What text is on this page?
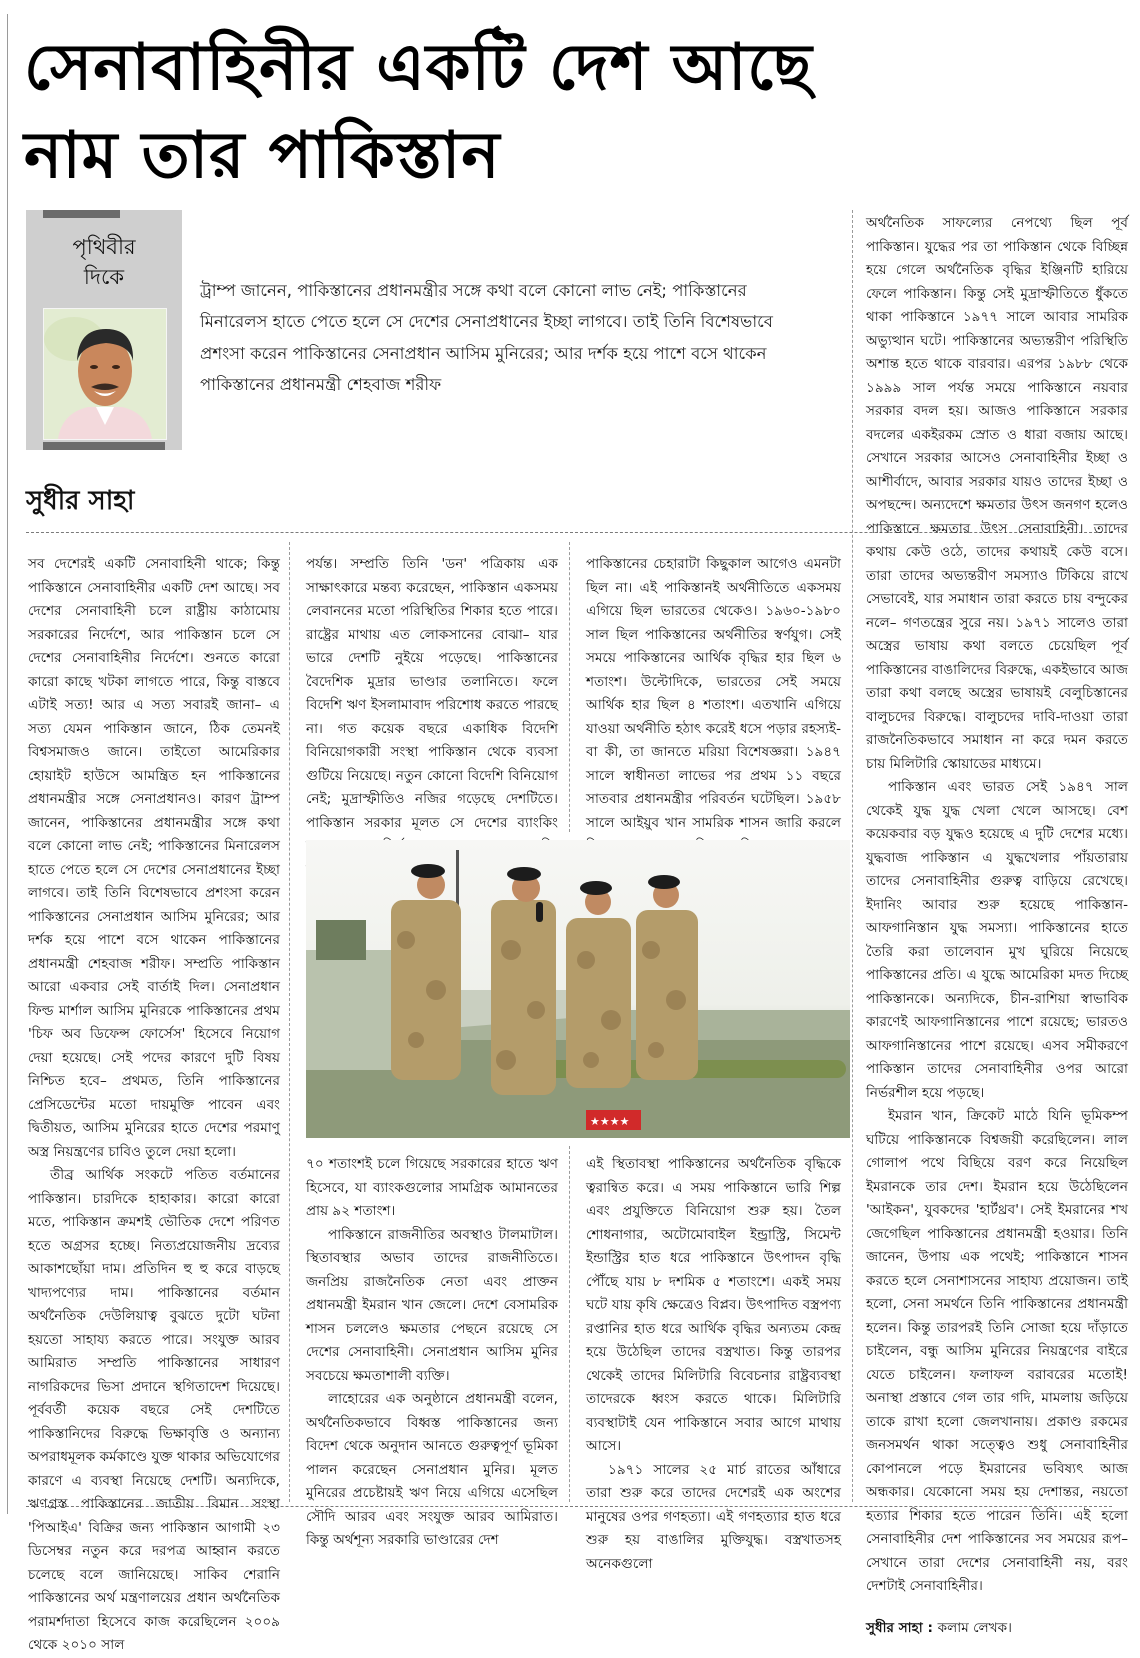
সেনাবাহিনীর একটি দেশ আছে
নাম তার পাকিস্তান
পৃথিবীর
দিকে

ট্রাম্প জানেন, পাকিস্তানের প্রধানমন্ত্রীর সঙ্গে কথা বলে কোনো লাভ নেই; পাকিস্তানের মিনারেলস হাতে পেতে হলে সে দেশের সেনাপ্রধানের ইচ্ছা লাগবে। তাই তিনি বিশেষভাবে প্রশংসা করেন পাকিস্তানের সেনাপ্রধান আসিম মুনিরের; আর দর্শক হয়ে পাশে বসে থাকেন পাকিস্তানের প্রধানমন্ত্রী শেহবাজ শরীফ

সুধীর সাহা

সব দেশেরই একটি সেনাবাহিনী থাকে; কিন্তু পাকিস্তানে সেনাবাহিনীর একটি দেশ আছে। সব দেশের সেনাবাহিনী চলে রাষ্ট্রীয় কাঠামোয় সরকারের নির্দেশে, আর পাকিস্তান চলে সে দেশের সেনাবাহিনীর নির্দেশে। শুনতে কারো কারো কাছে খটকা লাগতে পারে, কিন্তু বাস্তবে এটাই সত্য! আর এ সত্য সবারই জানা– এ সত্য যেমন পাকিস্তান জানে, ঠিক তেমনই বিশ্বসমাজও জানে। তাইতো আমেরিকার হোয়াইট হাউসে আমন্ত্রিত হন পাকিস্তানের প্রধানমন্ত্রীর সঙ্গে সেনাপ্রধানও। কারণ ট্রাম্প জানেন, পাকিস্তানের প্রধানমন্ত্রীর সঙ্গে কথা বলে কোনো লাভ নেই; পাকিস্তানের মিনারেলস হাতে পেতে হলে সে দেশের সেনাপ্রধানের ইচ্ছা লাগবে। তাই তিনি বিশেষভাবে প্রশংসা করেন পাকিস্তানের সেনাপ্রধান আসিম মুনিরের; আর দর্শক হয়ে পাশে বসে থাকেন পাকিস্তানের প্রধানমন্ত্রী শেহবাজ শরীফ। সম্প্রতি পাকিস্তান আরো একবার সেই বার্তাই দিল। সেনাপ্রধান ফিল্ড মার্শাল আসিম মুনিরকে পাকিস্তানের প্রথম 'চিফ অব ডিফেন্স ফোর্সেস' হিসেবে নিয়োগ দেয়া হয়েছে। সেই পদের কারণে দুটি বিষয় নিশ্চিত হবে– প্রথমত, তিনি পাকিস্তানের প্রেসিডেন্টের মতো দায়মুক্তি পাবেন এবং দ্বিতীয়ত, আসিম মুনিরের হাতে দেশের পরমাণু অস্ত্র নিয়ন্ত্রণের চাবিও তুলে দেয়া হলো।

তীব্র আর্থিক সংকটে পতিত বর্তমানের পাকিস্তান। চারদিকে হাহাকার। কারো কারো মতে, পাকিস্তান ক্রমশই ভৌতিক দেশে পরিণত হতে অগ্রসর হচ্ছে। নিত্যপ্রয়োজনীয় দ্রব্যের আকাশছোঁয়া দাম। প্রতিদিন হু হু করে বাড়ছে খাদ্যপণ্যের দাম। পাকিস্তানের বর্তমান অর্থনৈতিক দেউলিয়াত্ব বুঝতে দুটো ঘটনা হয়তো সাহায্য করতে পারে। সংযুক্ত আরব আমিরাত সম্প্রতি পাকিস্তানের সাধারণ নাগরিকদের ভিসা প্রদানে স্থগিতাদেশ দিয়েছে। পূর্ববর্তী কয়েক বছরে সেই দেশটিতে পাকিস্তানিদের বিরুদ্ধে ভিক্ষাবৃত্তি ও অন্যান্য অপরাধমূলক কর্মকাণ্ডে যুক্ত থাকার অভিযোগের কারণে এ ব্যবস্থা নিয়েছে দেশটি। অন্যদিকে, ঋণগ্রস্ত পাকিস্তানের জাতীয় বিমান সংস্থা 'পিআইএ' বিক্রির জন্য পাকিস্তান আগামী ২৩ ডিসেম্বর নতুন করে দরপত্র আহ্বান করতে চলেছে বলে জানিয়েছে। সাকিব শেরানি পাকিস্তানের অর্থ মন্ত্রণালয়ের প্রধান অর্থনৈতিক পরামর্শদাতা হিসেবে কাজ করেছিলেন ২০০৯ থেকে ২০১০ সাল

পর্যন্ত। সম্প্রতি তিনি 'ডন' পত্রিকায় এক সাক্ষাৎকারে মন্তব্য করেছেন, পাকিস্তান একসময় লেবাননের মতো পরিস্থিতির শিকার হতে পারে। রাষ্ট্রের মাথায় এত লোকসানের বোঝা– যার ভারে দেশটি নুইয়ে পড়েছে। পাকিস্তানের বৈদেশিক মুদ্রার ভাণ্ডার তলানিতে। ফলে বিদেশি ঋণ ইসলামাবাদ পরিশোধ করতে পারছে না। গত কয়েক বছরে একাধিক বিদেশি বিনিয়োগকারী সংস্থা পাকিস্তান থেকে ব্যবসা গুটিয়ে নিয়েছে। নতুন কোনো বিদেশি বিনিয়োগ নেই; মুদ্রাস্ফীতিও নজির গড়েছে দেশটিতে। পাকিস্তান সরকার মূলত সে দেশের ব্যাংকিং

পাকিস্তানের চেহারাটা কিছুকাল আগেও এমনটা ছিল না। এই পাকিস্তানই অর্থনীতিতে একসময় এগিয়ে ছিল ভারতের থেকেও। ১৯৬০-১৯৮০ সাল ছিল পাকিস্তানের অর্থনীতির স্বর্ণযুগ। সেই সময়ে পাকিস্তানের আর্থিক বৃদ্ধির হার ছিল ৬ শতাংশ। উল্টোদিকে, ভারতের সেই সময়ে আর্থিক হার ছিল ৪ শতাংশ। এতখানি এগিয়ে যাওয়া অর্থনীতি হঠাৎ করেই ধসে পড়ার রহস্যই-বা কী, তা জানতে মরিয়া বিশেষজ্ঞরা। ১৯৪৭ সালে স্বাধীনতা লাভের পর প্রথম ১১ বছরে সাতবার প্রধানমন্ত্রীর পরিবর্তন ঘটেছিল। ১৯৫৮ সালে আইয়ুব খান সামরিক শাসন জারি করলে

★★★★

৭০ শতাংশই চলে গিয়েছে সরকারের হাতে ঋণ হিসেবে, যা ব্যাংকগুলোর সামগ্রিক আমানতের প্রায় ৯২ শতাংশ।

পাকিস্তানে রাজনীতির অবস্থাও টালমাটাল। স্থিতাবস্থার অভাব তাদের রাজনীতিতে। জনপ্রিয় রাজনৈতিক নেতা এবং প্রাক্তন প্রধানমন্ত্রী ইমরান খান জেলে। দেশে বেসামরিক শাসন চললেও ক্ষমতার পেছনে রয়েছে সে দেশের সেনাবাহিনী। সেনাপ্রধান আসিম মুনির সবচেয়ে ক্ষমতাশালী ব্যক্তি।

লাহোরের এক অনুষ্ঠানে প্রধানমন্ত্রী বলেন, অর্থনৈতিকভাবে বিধ্বস্ত পাকিস্তানের জন্য বিদেশ থেকে অনুদান আনতে গুরুত্বপূর্ণ ভূমিকা পালন করেছেন সেনাপ্রধান মুনির। মূলত মুনিরের প্রচেষ্টায়ই ঋণ নিয়ে এগিয়ে এসেছিল সৌদি আরব এবং সংযুক্ত আরব আমিরাত। কিন্তু অর্থশূন্য সরকারি ভাণ্ডারের দেশ

এই স্থিতাবস্থা পাকিস্তানের অর্থনৈতিক বৃদ্ধিকে ত্বরান্বিত করে। এ সময় পাকিস্তানে ভারি শিল্প এবং প্রযুক্তিতে বিনিয়োগ শুরু হয়। তৈল শোধনাগার, অটোমোবাইল ইন্ড্রাস্ট্রি, সিমেন্ট ইন্ডাস্ট্রির হাত ধরে পাকিস্তানে উৎপাদন বৃদ্ধি পৌঁছে যায় ৮ দশমিক ৫ শতাংশে। একই সময় ঘটে যায় কৃষি ক্ষেত্রেও বিপ্লব। উৎপাদিত বস্ত্রপণ্য রপ্তানির হাত ধরে আর্থিক বৃদ্ধির অন্যতম কেন্দ্র হয়ে উঠেছিল তাদের বস্ত্রখাত। কিন্তু তারপর থেকেই তাদের মিলিটারি বিবেচনার রাষ্ট্রব্যবস্থা তাদেরকে ধ্বংস করতে থাকে। মিলিটারি ব্যবস্থাটাই যেন পাকিস্তানে সবার আগে মাথায় আসে।

১৯৭১ সালের ২৫ মার্চ রাতের আঁধারে তারা শুরু করে তাদের দেশেরই এক অংশের মানুষের ওপর গণহত্যা। এই গণহত্যার হাত ধরে শুরু হয় বাঙালির মুক্তিযুদ্ধ। বস্ত্রখাতসহ অনেকগুলো

অর্থনৈতিক সাফল্যের নেপথ্যে ছিল পূর্ব পাকিস্তান। যুদ্ধের পর তা পাকিস্তান থেকে বিচ্ছিন্ন হয়ে গেলে অর্থনৈতিক বৃদ্ধির ইঞ্জিনটি হারিয়ে ফেলে পাকিস্তান। কিন্তু সেই মুদ্রাস্ফীতিতে ধুঁকতে থাকা পাকিস্তানে ১৯৭৭ সালে আবার সামরিক অভ্যুত্থান ঘটে। পাকিস্তানের অভ্যন্তরীণ পরিস্থিতি অশান্ত হতে থাকে বারবার। এরপর ১৯৮৮ থেকে ১৯৯৯ সাল পর্যন্ত সময়ে পাকিস্তানে নয়বার সরকার বদল হয়। আজও পাকিস্তানে সরকার বদলের একইরকম স্রোত ও ধারা বজায় আছে। সেখানে সরকার আসেও সেনাবাহিনীর ইচ্ছা ও আশীর্বাদে, আবার সরকার যায়ও তাদের ইচ্ছা ও অপছন্দে। অন্যদেশে ক্ষমতার উৎস জনগণ হলেও পাকিস্তানে ক্ষমতার উৎস সেনাবাহিনী। তাদের কথায় কেউ ওঠে, তাদের কথায়ই কেউ বসে। তারা তাদের অভ্যন্তরীণ সমস্যাও টিকিয়ে রাখে সেভাবেই, যার সমাধান তারা করতে চায় বন্দুকের নলে– গণতন্ত্রের সুরে নয়। ১৯৭১ সালেও তারা অস্ত্রের ভাষায় কথা বলতে চেয়েছিল পূর্ব পাকিস্তানের বাঙালিদের বিরুদ্ধে, একইভাবে আজ তারা কথা বলছে অস্ত্রের ভাষায়ই বেলুচিস্তানের বালুচদের বিরুদ্ধে। বালুচদের দাবি-দাওয়া তারা রাজনৈতিকভাবে সমাধান না করে দমন করতে চায় মিলিটারি স্কোয়াডের মাধ্যমে।

পাকিস্তান এবং ভারত সেই ১৯৪৭ সাল থেকেই যুদ্ধ যুদ্ধ খেলা খেলে আসছে। বেশ কয়েকবার বড় যুদ্ধও হয়েছে এ দুটি দেশের মধ্যে। যুদ্ধবাজ পাকিস্তান এ যুদ্ধখেলার পাঁয়তারায় তাদের সেনাবাহিনীর গুরুত্ব বাড়িয়ে রেখেছে। ইদানিং আবার শুরু হয়েছে পাকিস্তান-আফগানিস্তান যুদ্ধ সমস্যা। পাকিস্তানের হাতে তৈরি করা তালেবান মুখ ঘুরিয়ে নিয়েছে পাকিস্তানের প্রতি। এ যুদ্ধে আমেরিকা মদত দিচ্ছে পাকিস্তানকে। অন্যদিকে, চীন-রাশিয়া স্বাভাবিক কারণেই আফগানিস্তানের পাশে রয়েছে; ভারতও আফগানিস্তানের পাশে রয়েছে। এসব সমীকরণে পাকিস্তান তাদের সেনাবাহিনীর ওপর আরো নির্ভরশীল হয়ে পড়ছে।

ইমরান খান, ক্রিকেট মাঠে যিনি ভূমিকম্প ঘটিয়ে পাকিস্তানকে বিশ্বজয়ী করেছিলেন। লাল গোলাপ পথে বিছিয়ে বরণ করে নিয়েছিল ইমরানকে তার দেশ। ইমরান হয়ে উঠেছিলেন 'আইকন', যুবকদের 'হার্টথ্রব'। সেই ইমরানের শখ জেগেছিল পাকিস্তানের প্রধানমন্ত্রী হওয়ার। তিনি জানেন, উপায় এক পথেই; পাকিস্তানে শাসন করতে হলে সেনাশাসনের সাহায্য প্রয়োজন। তাই হলো, সেনা সমর্থনে তিনি পাকিস্তানের প্রধানমন্ত্রী হলেন। কিন্তু তারপরই তিনি সোজা হয়ে দাঁড়াতে চাইলেন, বন্ধু আসিম মুনিরের নিয়ন্ত্রণের বাইরে যেতে চাইলেন। ফলাফল বরাবরের মতোই! অনাস্থা প্রস্তাবে গেল তার গদি, মামলায় জড়িয়ে তাকে রাখা হলো জেলখানায়। প্রকাণ্ড রকমের জনসমর্থন থাকা সত্ত্বেও শুধু সেনাবাহিনীর কোপানলে পড়ে ইমরানের ভবিষ্যৎ আজ অন্ধকার। যেকোনো সময় হয় দেশান্তর, নয়তো হত্যার শিকার হতে পারেন তিনি। এই হলো সেনাবাহিনীর দেশ পাকিস্তানের সব সময়ের রূপ– সেখানে তারা দেশের সেনাবাহিনী নয়, বরং দেশটাই সেনাবাহিনীর।

সুধীর সাহা : কলাম লেখক।
